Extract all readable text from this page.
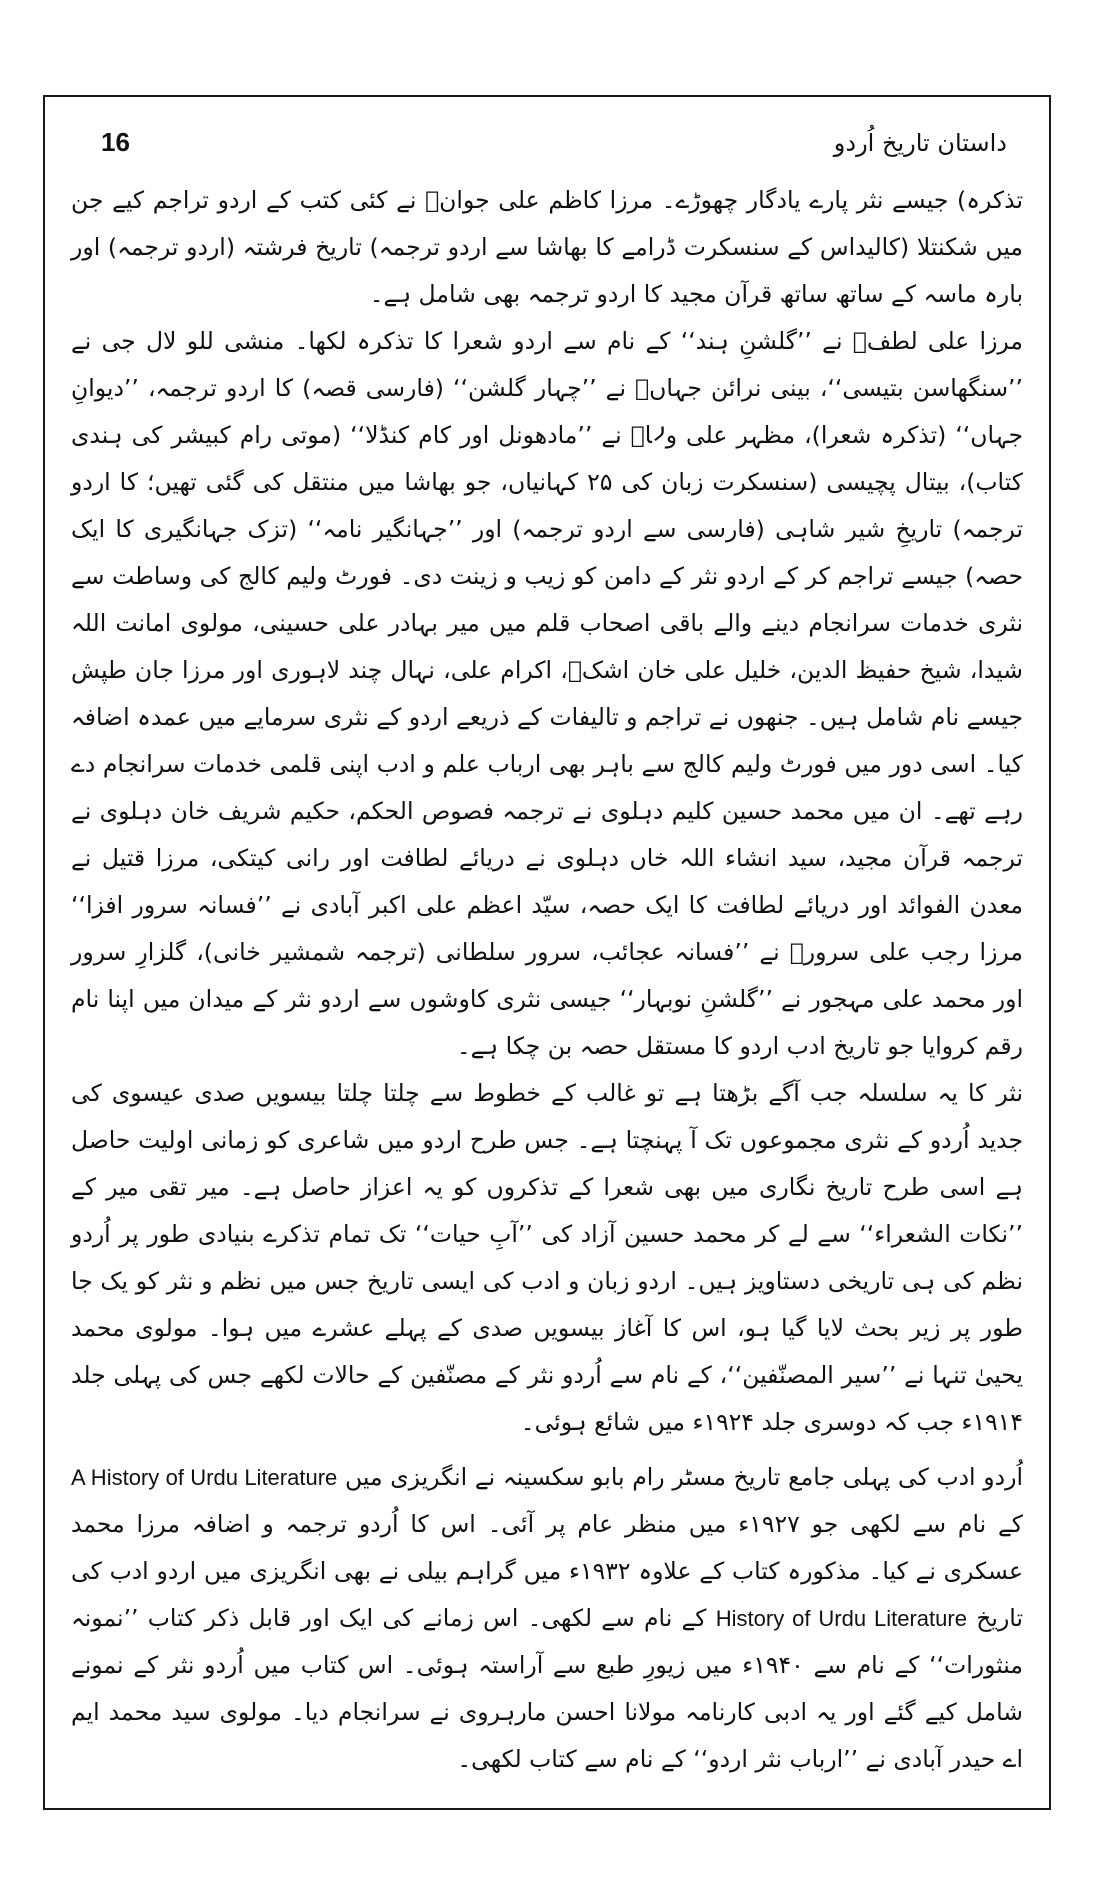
16	داستان تاریخ اُردو

تذکرہ) جیسے نثر پارے یادگار چھوڑے۔ مرزا کاظم علی جوانؔ نے کئی کتب کے اردو تراجم کیے جن میں شکنتلا (کالیداس کے سنسکرت ڈرامے کا بھاشا سے اردو ترجمہ) تاریخ فرشتہ (اردو ترجمہ) اور بارہ ماسہ کے ساتھ ساتھ قرآن مجید کا اردو ترجمہ بھی شامل ہے۔

مرزا علی لطفؔ نے ’’گلشنِ ہند‘‘ کے نام سے اردو شعرا کا تذکرہ لکھا۔ منشی للو لال جی نے ’’سنگھاسن بتیسی‘‘، بینی نرائن جہاںؔ نے ’’چہار گلشن‘‘ (فارسی قصہ) کا اردو ترجمہ، ’’دیوانِ جہاں‘‘ (تذکرہ شعرا)، مظہر علی ولاؔ نے ’’مادھونل اور کام کنڈلا‘‘ (موتی رام کبیشر کی ہندی کتاب)، بیتال پچیسی (سنسکرت زبان کی ۲۵ کہانیاں، جو بھاشا میں منتقل کی گئی تھیں؛ کا اردو ترجمہ) تاریخِ شیر شاہی (فارسی سے اردو ترجمہ) اور ’’جہانگیر نامہ‘‘ (تزک جہانگیری کا ایک حصہ) جیسے تراجم کر کے اردو نثر کے دامن کو زیب و زینت دی۔ فورٹ ولیم کالج کی وساطت سے نثری خدمات سرانجام دینے والے باقی اصحاب قلم میں میر بہادر علی حسینی، مولوی امانت اللہ شیدا، شیخ حفیظ الدین، خلیل علی خان اشکؔ، اکرام علی، نہال چند لاہوری اور مرزا جان طپش جیسے نام شامل ہیں۔ جنھوں نے تراجم و تالیفات کے ذریعے اردو کے نثری سرمایے میں عمدہ اضافہ کیا۔ اسی دور میں فورٹ ولیم کالج سے باہر بھی ارباب علم و ادب اپنی قلمی خدمات سرانجام دے رہے تھے۔ ان میں محمد حسین کلیم دہلوی نے ترجمہ فصوص الحکم، حکیم شریف خان دہلوی نے ترجمہ قرآن مجید، سید انشاء اللہ خاں دہلوی نے دریائے لطافت اور رانی کیتکی، مرزا قتیل نے معدن الفوائد اور دریائے لطافت کا ایک حصہ، سیّد اعظم علی اکبر آبادی نے ’’فسانہ سرور افزا‘‘ مرزا رجب علی سرورؔ نے ’’فسانہ عجائب، سرور سلطانی (ترجمہ شمشیر خانی)، گلزارِ سرور اور محمد علی مہجور نے ’’گلشنِ نوبہار‘‘ جیسی نثری کاوشوں سے اردو نثر کے میدان میں اپنا نام رقم کروایا جو تاریخ ادب اردو کا مستقل حصہ بن چکا ہے۔

نثر کا یہ سلسلہ جب آگے بڑھتا ہے تو غالب کے خطوط سے چلتا چلتا بیسویں صدی عیسوی کی جدید اُردو کے نثری مجموعوں تک آ پہنچتا ہے۔ جس طرح اردو میں شاعری کو زمانی اولیت حاصل ہے اسی طرح تاریخ نگاری میں بھی شعرا کے تذکروں کو یہ اعزاز حاصل ہے۔ میر تقی میر کے ’’نکات الشعراء‘‘ سے لے کر محمد حسین آزاد کی ’’آبِ حیات‘‘ تک تمام تذکرے بنیادی طور پر اُردو نظم کی ہی تاریخی دستاویز ہیں۔ اردو زبان و ادب کی ایسی تاریخ جس میں نظم و نثر کو یک جا طور پر زیر بحث لایا گیا ہو، اس کا آغاز بیسویں صدی کے پہلے عشرے میں ہوا۔ مولوی محمد یحییٰ تنہا نے ’’سیر المصنّفین‘‘، کے نام سے اُردو نثر کے مصنّفین کے حالات لکھے جس کی پہلی جلد ۱۹۱۴ء جب کہ دوسری جلد ۱۹۲۴ء میں شائع ہوئی۔

اُردو ادب کی پہلی جامع تاریخ مسٹر رام بابو سکسینہ نے انگریزی میں A History of Urdu Literature کے نام سے لکھی جو ۱۹۲۷ء میں منظر عام پر آئی۔ اس کا اُردو ترجمہ و اضافہ مرزا محمد عسکری نے کیا۔ مذکورہ کتاب کے علاوہ ۱۹۳۲ء میں گراہم بیلی نے بھی انگریزی میں اردو ادب کی تاریخ History of Urdu Literature کے نام سے لکھی۔ اس زمانے کی ایک اور قابل ذکر کتاب ’’نمونہ منثورات‘‘ کے نام سے ۱۹۴۰ء میں زیورِ طبع سے آراستہ ہوئی۔ اس کتاب میں اُردو نثر کے نمونے شامل کیے گئے اور یہ ادبی کارنامہ مولانا احسن مارہروی نے سرانجام دیا۔ مولوی سید محمد ایم اے حیدر آبادی نے ’’ارباب نثر اردو‘‘ کے نام سے کتاب لکھی۔
